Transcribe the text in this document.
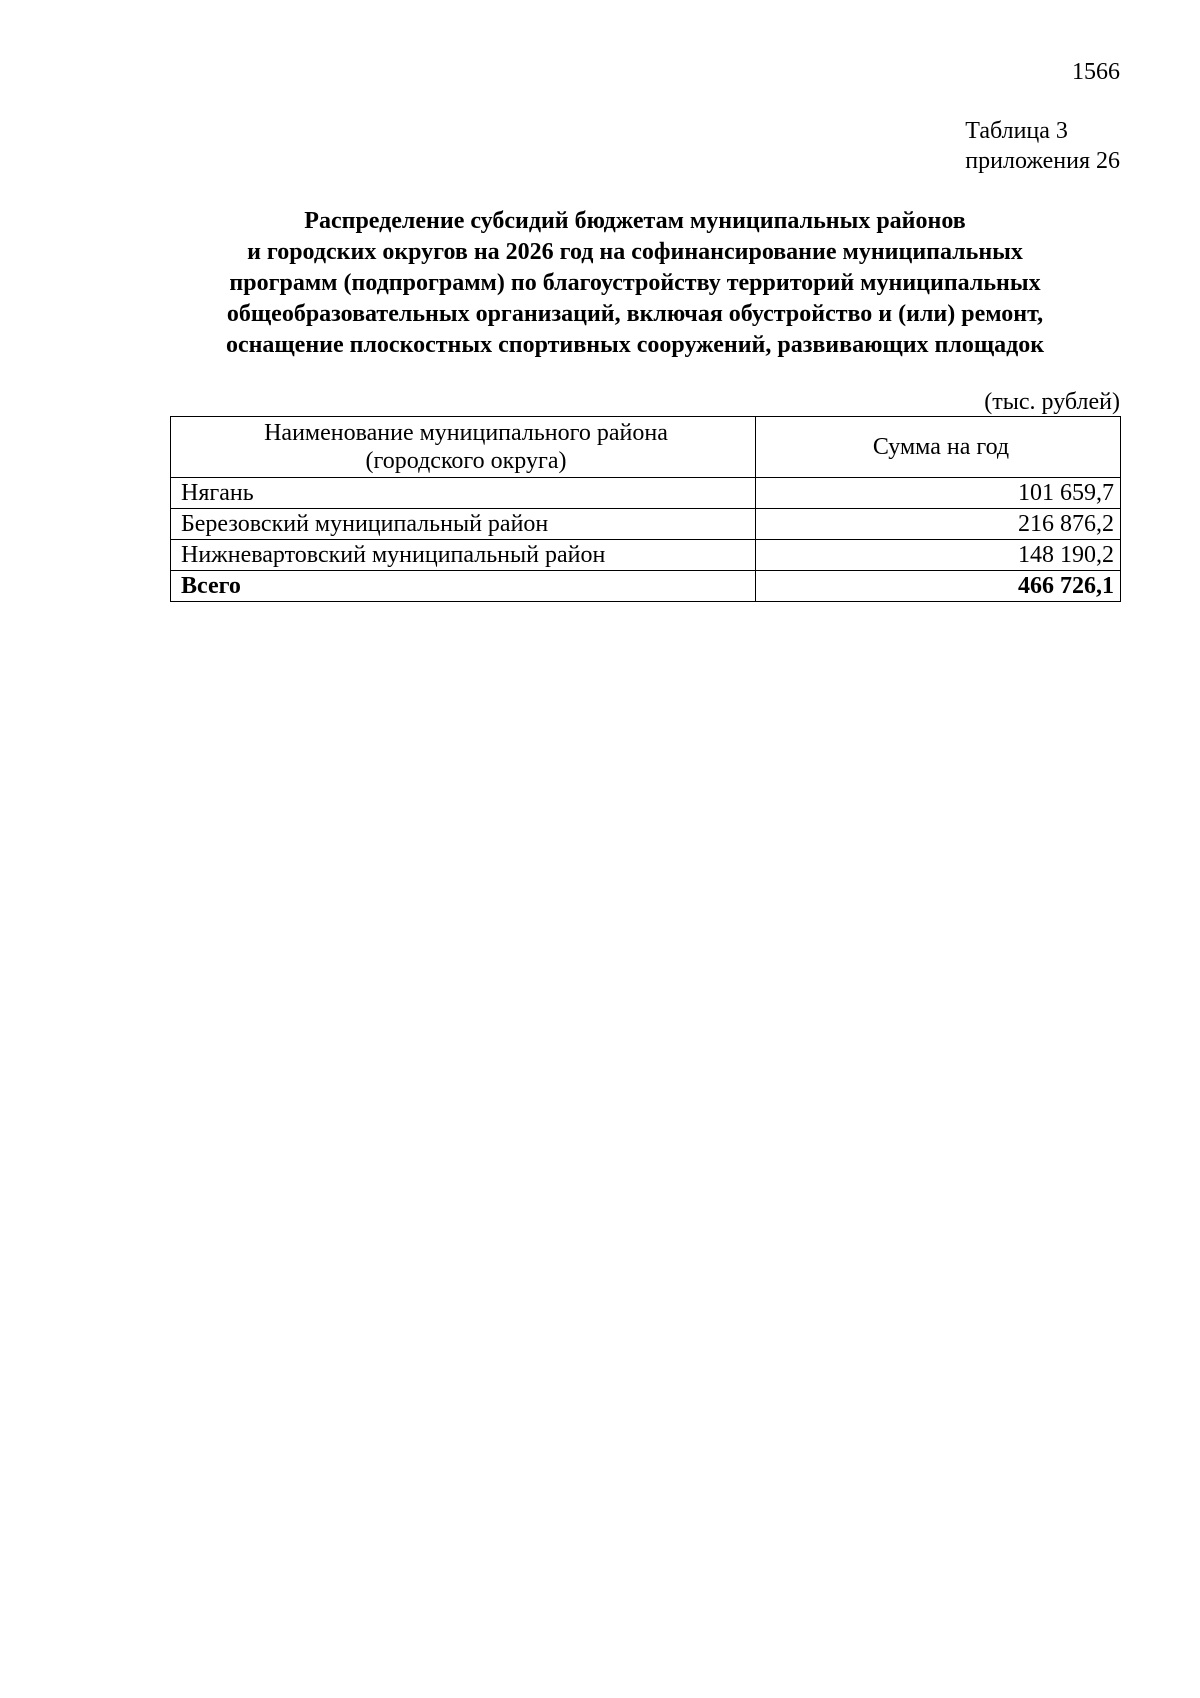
1566
Таблица 3
приложения 26
Распределение субсидий бюджетам муниципальных районов
и городских округов на 2026 год на софинансирование муниципальных
программ (подпрограмм) по благоустройству территорий муниципальных
общеобразовательных организаций, включая обустройство и (или) ремонт,
оснащение плоскостных спортивных сооружений, развивающих площадок
(тыс. рублей)
Наименование муниципального района
(городского округа)	Сумма на год
Нягань	101 659,7
Березовский муниципальный район	216 876,2
Нижневартовский муниципальный район	148 190,2
Всего	466 726,1
